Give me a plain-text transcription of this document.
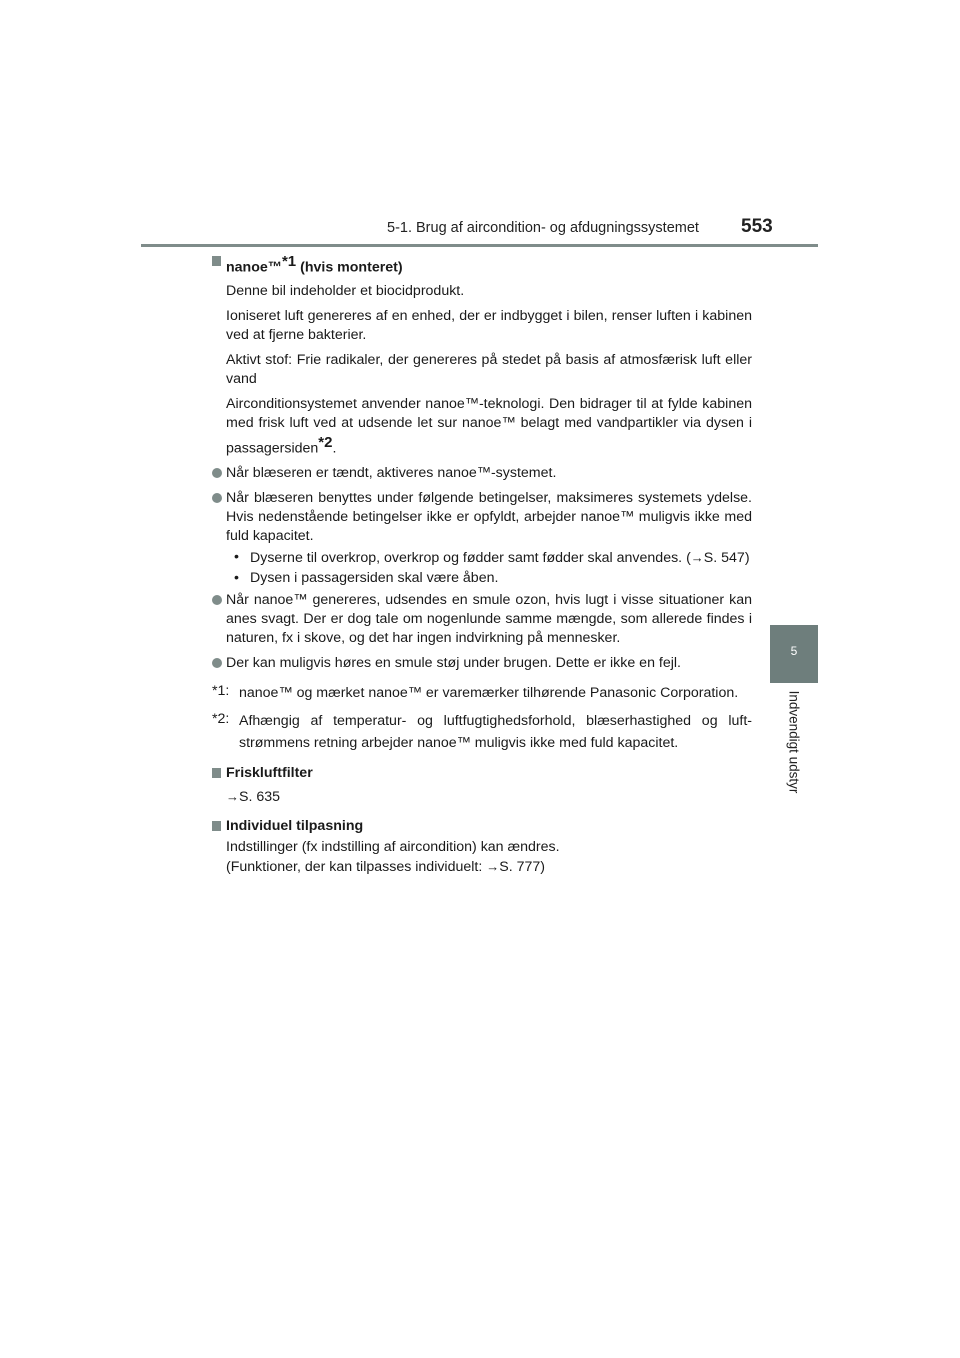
5-1. Brug af aircondition- og afdugningssystemet 553
5
Indvendigt udstyr
nanoe™$^{*1}$ (hvis monteret)
Denne bil indeholder et biocidprodukt.
Ioniseret luft genereres af en enhed, der er indbygget i bilen, renser luften i kabinen ved at fjerne bakterier.
Aktivt stof: Frie radikaler, der genereres på stedet på basis af atmosfærisk luft eller vand
Airconditionsystemet anvender nanoe™-teknologi. Den bidrager til at fylde kabinen med frisk luft ved at udsende let sur nanoe™ belagt med vandpartikler via dysen i passagersiden$^{*2}$.
Når blæseren er tændt, aktiveres nanoe™-systemet.
Når blæseren benyttes under følgende betingelser, maksimeres systemets ydelse. Hvis nedenstående betingelser ikke er opfyldt, arbejder nanoe™ muligvis ikke med fuld kapacitet.
• Dyserne til overkrop, overkrop og fødder samt fødder skal anvendes. (→S. 547)
• Dysen i passagersiden skal være åben.
Når nanoe™ genereres, udsendes en smule ozon, hvis lugt i visse situationer kan anes svagt. Der er dog tale om nogenlunde samme mængde, som allerede findes i naturen, fx i skove, og det har ingen indvirkning på mennesker.
Der kan muligvis høres en smule støj under brugen. Dette er ikke en fejl.
*1: nanoe™ og mærket nanoe™ er varemærker tilhørende Panasonic Corporation.
*2: Afhængig af temperatur- og luftfugtighedsforhold, blæserhastighed og luftstrømmens retning arbejder nanoe™ muligvis ikke med fuld kapacitet.
Friskluftfilter
→S. 635
Individuel tilpasning
Indstillinger (fx indstilling af aircondition) kan ændres.
(Funktioner, der kan tilpasses individuelt: →S. 777)
